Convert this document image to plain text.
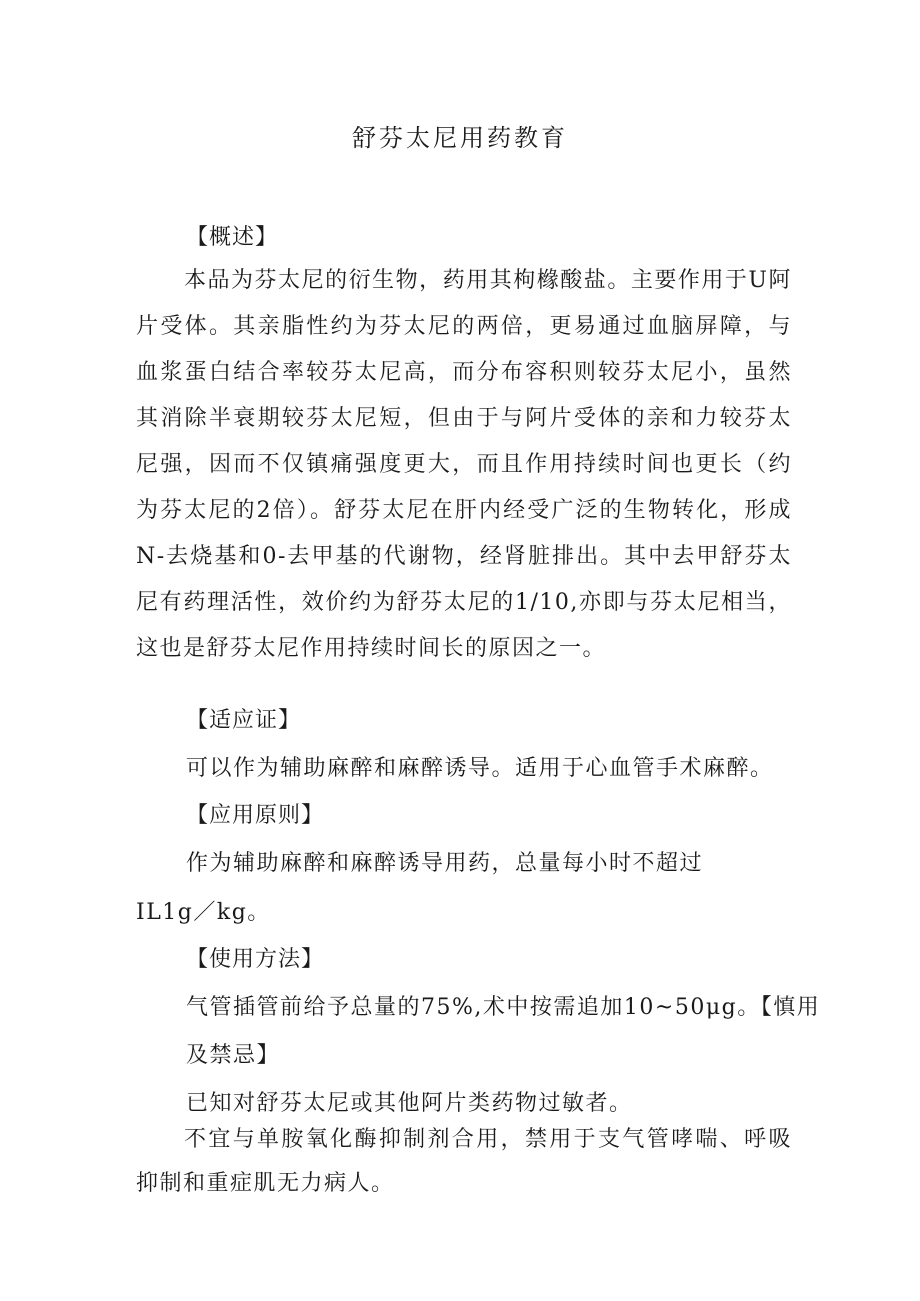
舒芬太尼用药教育
【概述】
本品为芬太尼的衍生物，药用其枸橼酸盐。主要作用于U阿片受体。其亲脂性约为芬太尼的两倍，更易通过血脑屏障，与血浆蛋白结合率较芬太尼高，而分布容积则较芬太尼小，虽然其消除半衰期较芬太尼短，但由于与阿片受体的亲和力较芬太尼强，因而不仅镇痛强度更大，而且作用持续时间也更长（约为芬太尼的2倍）。舒芬太尼在肝内经受广泛的生物转化，形成N-去烧基和0-去甲基的代谢物，经肾脏排出。其中去甲舒芬太尼有药理活性，效价约为舒芬太尼的1/10,亦即与芬太尼相当，这也是舒芬太尼作用持续时间长的原因之一。
【适应证】
可以作为辅助麻醉和麻醉诱导。适用于心血管手术麻醉。
【应用原则】
作为辅助麻醉和麻醉诱导用药，总量每小时不超过
IL1g／kg。
【使用方法】
气管插管前给予总量的75%,术中按需追加10~50μg。【慎用
及禁忌】
已知对舒芬太尼或其他阿片类药物过敏者。
不宜与单胺氧化酶抑制剂合用，禁用于支气管哮喘、呼吸抑制和重症肌无力病人。
